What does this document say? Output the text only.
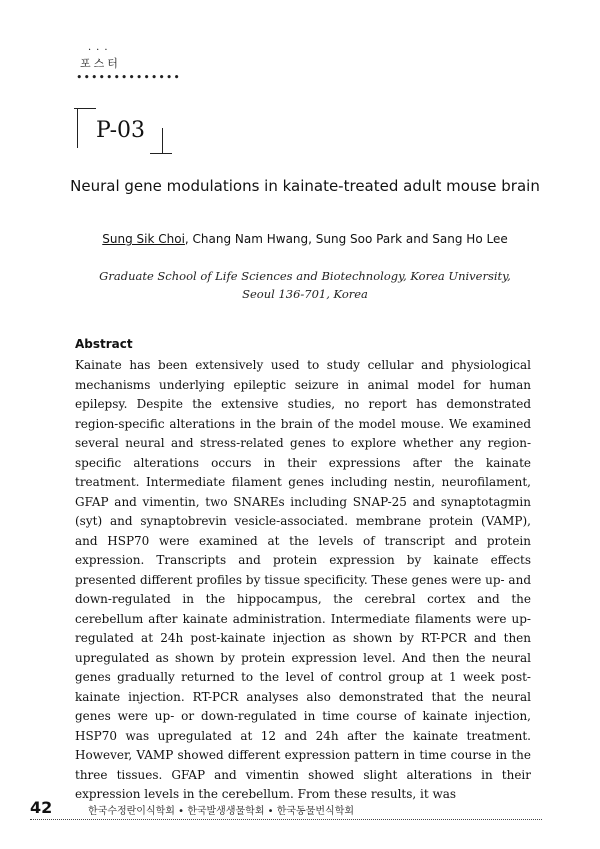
···
포스터
••••••••••••••
P-03
Neural gene modulations in kainate-treated adult mouse brain
Sung Sik Choi, Chang Nam Hwang, Sung Soo Park and Sang Ho Lee
Graduate School of Life Sciences and Biotechnology, Korea University,
Seoul 136-701, Korea
Abstract
Kainate has been extensively used to study cellular and physiological mechanisms underlying epileptic seizure in animal model for human epilepsy. Despite the extensive studies, no report has demonstrated region-specific alterations in the brain of the model mouse. We examined several neural and stress-related genes to explore whether any region-specific alterations occurs in their expressions after the kainate treatment. Intermediate filament genes including nestin, neurofilament, GFAP and vimentin, two SNAREs including SNAP-25 and synaptotagmin (syt) and synaptobrevin vesicle-associated. membrane protein (VAMP), and HSP70 were examined at the levels of transcript and protein expression. Transcripts and protein expression by kainate effects presented different profiles by tissue specificity. These genes were up- and down-regulated in the hippocampus, the cerebral cortex and the cerebellum after kainate administration. Intermediate filaments were up-regulated at 24h post-kainate injection as shown by RT-PCR and then upregulated as shown by protein expression level. And then the neural genes gradually returned to the level of control group at 1 week post-kainate injection. RT-PCR analyses also demonstrated that the neural genes were up- or down-regulated in time course of kainate injection, HSP70 was upregulated at 12 and 24h after the kainate treatment. However, VAMP showed different expression pattern in time course in the three tissues. GFAP and vimentin showed slight alterations in their expression levels in the cerebellum. From these results, it was
42	한국수정란이식학회 • 한국발생생물학회 • 한국동물번식학회
